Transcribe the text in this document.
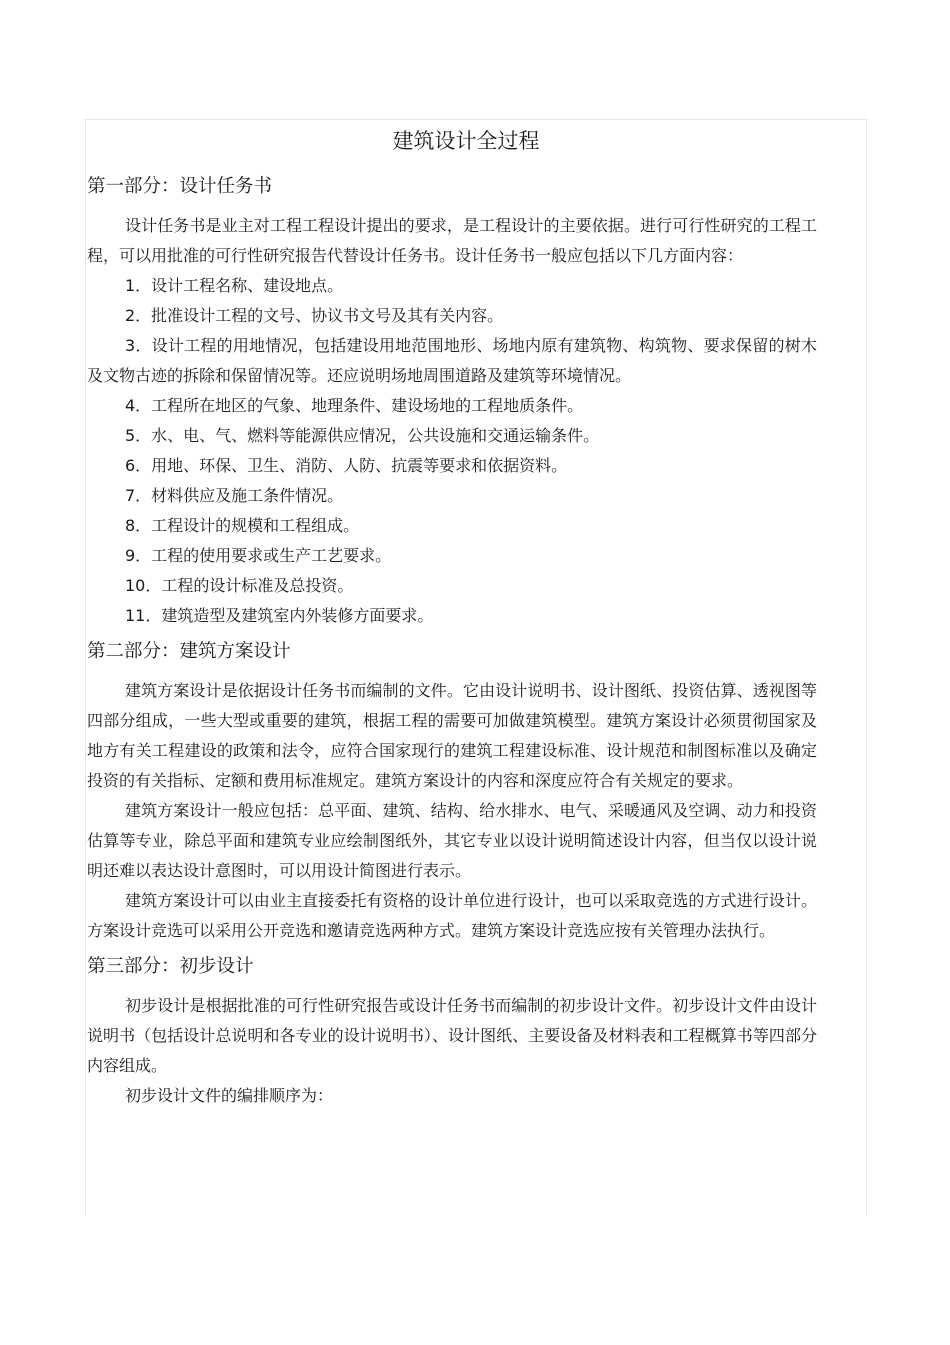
建筑设计全过程
第一部分：设计任务书

设计任务书是业主对工程工程设计提出的要求，是工程设计的主要依据。进行可行性研究的工程工程，可以用批准的可行性研究报告代替设计任务书。设计任务书一般应包括以下几方面内容：

1．设计工程名称、建设地点。

2．批准设计工程的文号、协议书文号及其有关内容。

3．设计工程的用地情况，包括建设用地范围地形、场地内原有建筑物、构筑物、要求保留的树木及文物古迹的拆除和保留情况等。还应说明场地周围道路及建筑等环境情况。

4．工程所在地区的气象、地理条件、建设场地的工程地质条件。

5．水、电、气、燃料等能源供应情况，公共设施和交通运输条件。

6．用地、环保、卫生、消防、人防、抗震等要求和依据资料。

7．材料供应及施工条件情况。

8．工程设计的规模和工程组成。

9．工程的使用要求或生产工艺要求。

10．工程的设计标准及总投资。

11．建筑造型及建筑室内外装修方面要求。

第二部分：建筑方案设计

建筑方案设计是依据设计任务书而编制的文件。它由设计说明书、设计图纸、投资估算、透视图等四部分组成，一些大型或重要的建筑，根据工程的需要可加做建筑模型。建筑方案设计必须贯彻国家及地方有关工程建设的政策和法令，应符合国家现行的建筑工程建设标准、设计规范和制图标准以及确定投资的有关指标、定额和费用标准规定。建筑方案设计的内容和深度应符合有关规定的要求。

建筑方案设计一般应包括：总平面、建筑、结构、给水排水、电气、采暖通风及空调、动力和投资估算等专业，除总平面和建筑专业应绘制图纸外，其它专业以设计说明简述设计内容，但当仅以设计说明还难以表达设计意图时，可以用设计简图进行表示。

建筑方案设计可以由业主直接委托有资格的设计单位进行设计，也可以采取竞选的方式进行设计。方案设计竞选可以采用公开竞选和邀请竞选两种方式。建筑方案设计竞选应按有关管理办法执行。

第三部分：初步设计

初步设计是根据批准的可行性研究报告或设计任务书而编制的初步设计文件。初步设计文件由设计说明书（包括设计总说明和各专业的设计说明书）、设计图纸、主要设备及材料表和工程概算书等四部分内容组成。

初步设计文件的编排顺序为：
